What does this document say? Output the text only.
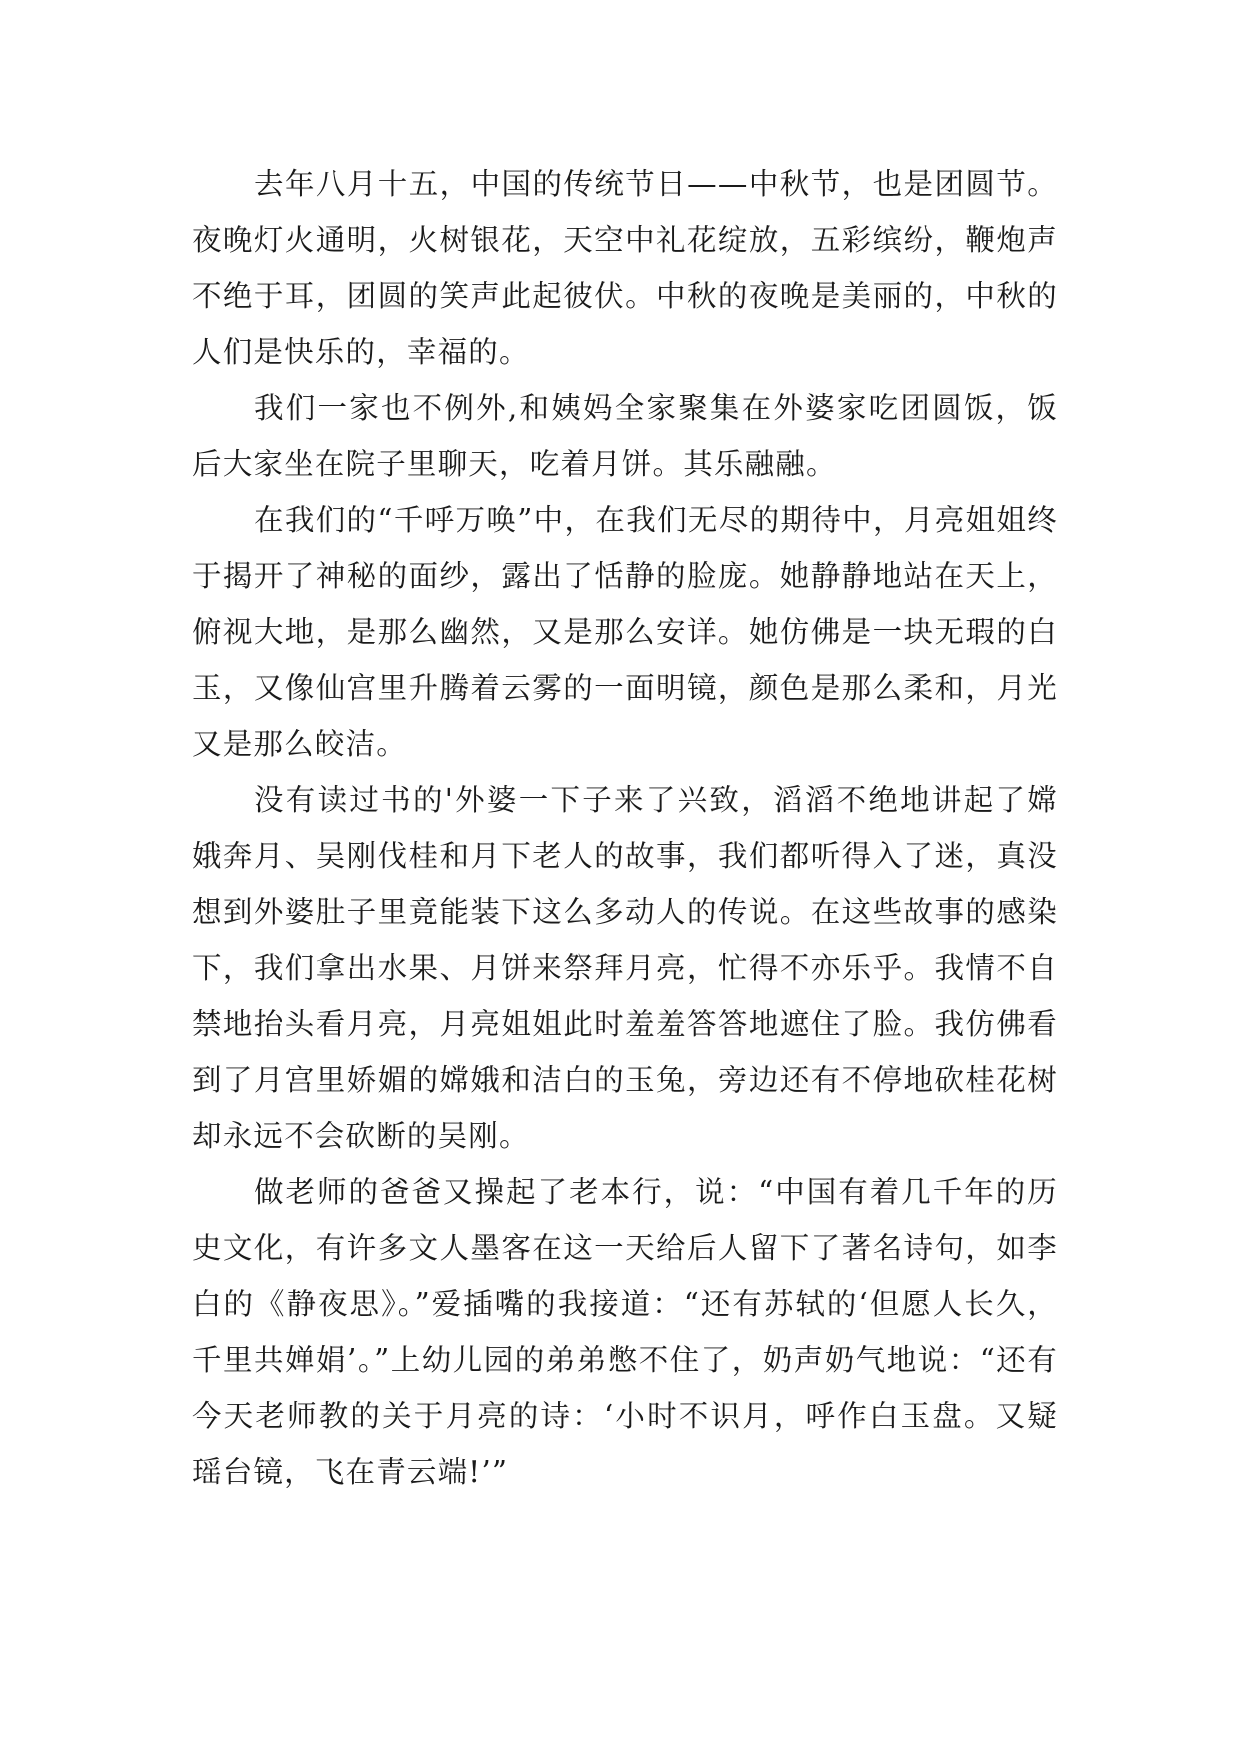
去年八月十五，中国的传统节日——中秋节，也是团圆节。夜晚灯火通明，火树银花，天空中礼花绽放，五彩缤纷，鞭炮声不绝于耳，团圆的笑声此起彼伏。中秋的夜晚是美丽的，中秋的人们是快乐的，幸福的。

我们一家也不例外,和姨妈全家聚集在外婆家吃团圆饭，饭后大家坐在院子里聊天，吃着月饼。其乐融融。

在我们的“千呼万唤”中，在我们无尽的期待中，月亮姐姐终于揭开了神秘的面纱，露出了恬静的脸庞。她静静地站在天上，俯视大地，是那么幽然，又是那么安详。她仿佛是一块无瑕的白玉，又像仙宫里升腾着云雾的一面明镜，颜色是那么柔和，月光又是那么皎洁。

没有读过书的'外婆一下子来了兴致，滔滔不绝地讲起了嫦娥奔月、吴刚伐桂和月下老人的故事，我们都听得入了迷，真没想到外婆肚子里竟能装下这么多动人的传说。在这些故事的感染下，我们拿出水果、月饼来祭拜月亮，忙得不亦乐乎。我情不自禁地抬头看月亮，月亮姐姐此时羞羞答答地遮住了脸。我仿佛看到了月宫里娇媚的嫦娥和洁白的玉兔，旁边还有不停地砍桂花树却永远不会砍断的吴刚。

做老师的爸爸又操起了老本行，说：“中国有着几千年的历史文化，有许多文人墨客在这一天给后人留下了著名诗句，如李白的《静夜思》。”爱插嘴的我接道：“还有苏轼的‘但愿人长久，千里共婵娟’。”上幼儿园的弟弟憋不住了，奶声奶气地说：“还有今天老师教的关于月亮的诗：‘小时不识月，呼作白玉盘。又疑瑶台镜，飞在青云端!’”
